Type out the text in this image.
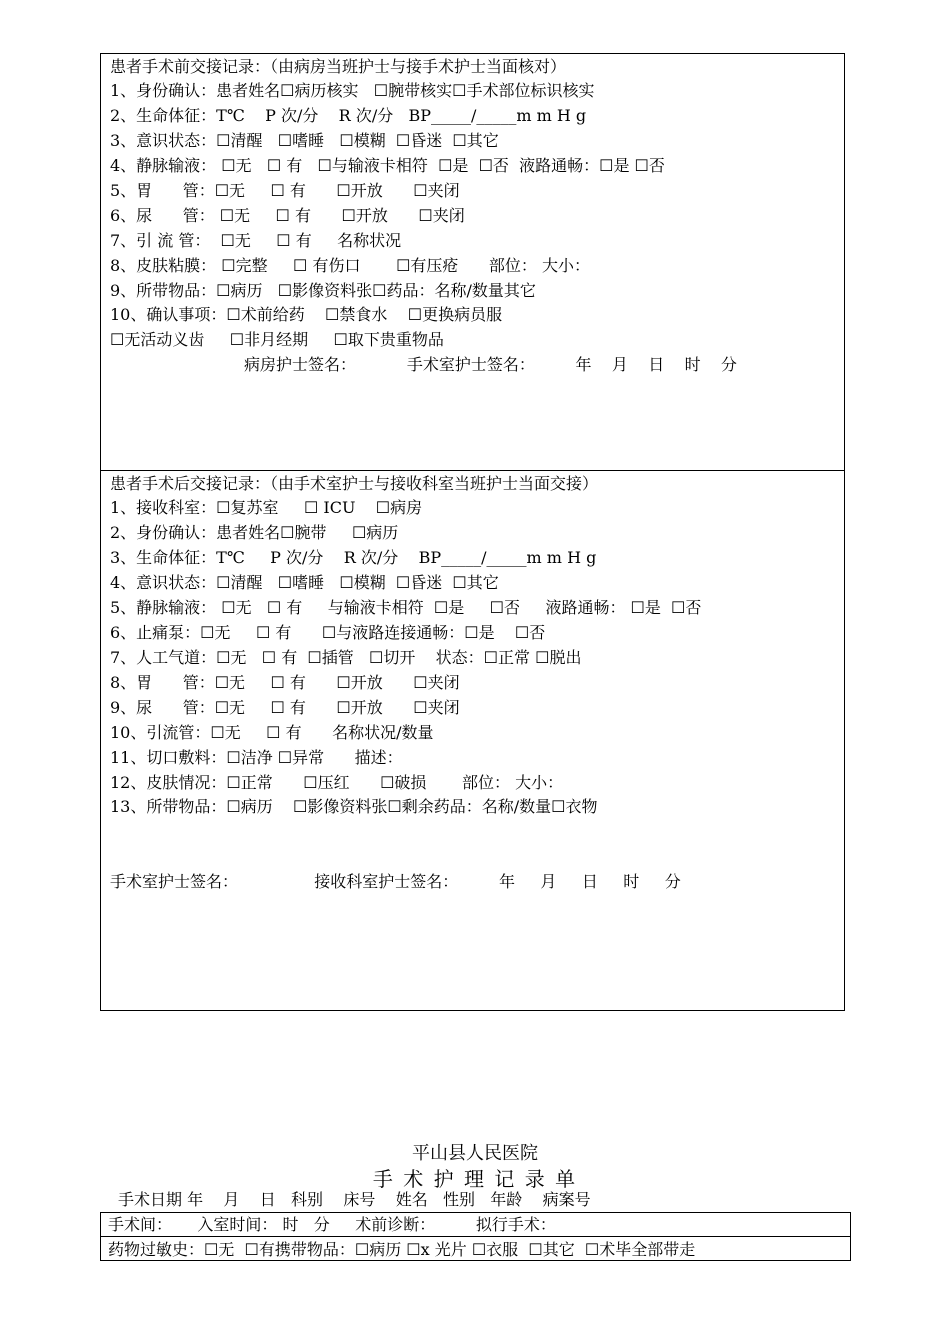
患者手术前交接记录：（由病房当班护士与接手术护士当面核对）
1、身份确认：患者姓名☐病历核实   ☐腕带核实☐手术部位标识核实
2、生命体征：T℃    P 次/分    R 次/分   BP_____/_____m m H g
3、意识状态：☐清醒   ☐嗜睡   ☐模糊  ☐昏迷  ☐其它
4、静脉输液： ☐无   ☐ 有   ☐与输液卡相符  ☐是  ☐否  液路通畅：☐是 ☐否
5、胃      管：☐无     ☐ 有      ☐开放      ☐夹闭
6、尿      管： ☐无     ☐ 有      ☐开放      ☐夹闭
7、引 流 管：  ☐无     ☐ 有     名称状况
8、皮肤粘膜： ☐完整     ☐ 有伤口       ☐有压疮      部位： 大小：
9、所带物品：☐病历   ☐影像资料张☐药品：名称/数量其它
10、确认事项：☐术前给药    ☐禁食水    ☐更换病员服
☐无活动义齿     ☐非月经期     ☐取下贵重物品
病房护士签名：          手术室护士签名：        年    月    日    时    分
患者手术后交接记录：（由手术室护士与接收科室当班护士当面交接）
1、接收科室：☐复苏室     ☐ ICU    ☐病房
2、身份确认：患者姓名☐腕带     ☐病历
3、生命体征：T℃     P 次/分    R 次/分    BP_____/_____m m H g
4、意识状态：☐清醒   ☐嗜睡   ☐模糊  ☐昏迷  ☐其它
5、静脉输液： ☐无   ☐ 有     与输液卡相符  ☐是     ☐否     液路通畅： ☐是  ☐否
6、止痛泵：☐无     ☐ 有      ☐与液路连接通畅：☐是    ☐否
7、人工气道：☐无   ☐ 有  ☐插管   ☐切开    状态：☐正常 ☐脱出
8、胃      管：☐无     ☐ 有      ☐开放      ☐夹闭
9、尿      管：☐无     ☐ 有      ☐开放      ☐夹闭
10、引流管：☐无     ☐ 有      名称状况/数量
11、切口敷料：☐洁净 ☐异常      描述：
12、皮肤情况：☐正常      ☐压红      ☐破损       部位： 大小：
13、所带物品：☐病历    ☐影像资料张☐剩余药品：名称/数量☐衣物
手术室护士签名：               接收科室护士签名：        年     月     日     时     分
平山县人民医院
手 术 护 理 记 录 单
手术日期 年    月    日   科别    床号    姓名   性别   年龄    病案号
手术间：     入室时间： 时   分     术前诊断：        拟行手术：
药物过敏史：☐无  ☐有携带物品：☐病历 ☐x 光片 ☐衣服  ☐其它  ☐术毕全部带走
